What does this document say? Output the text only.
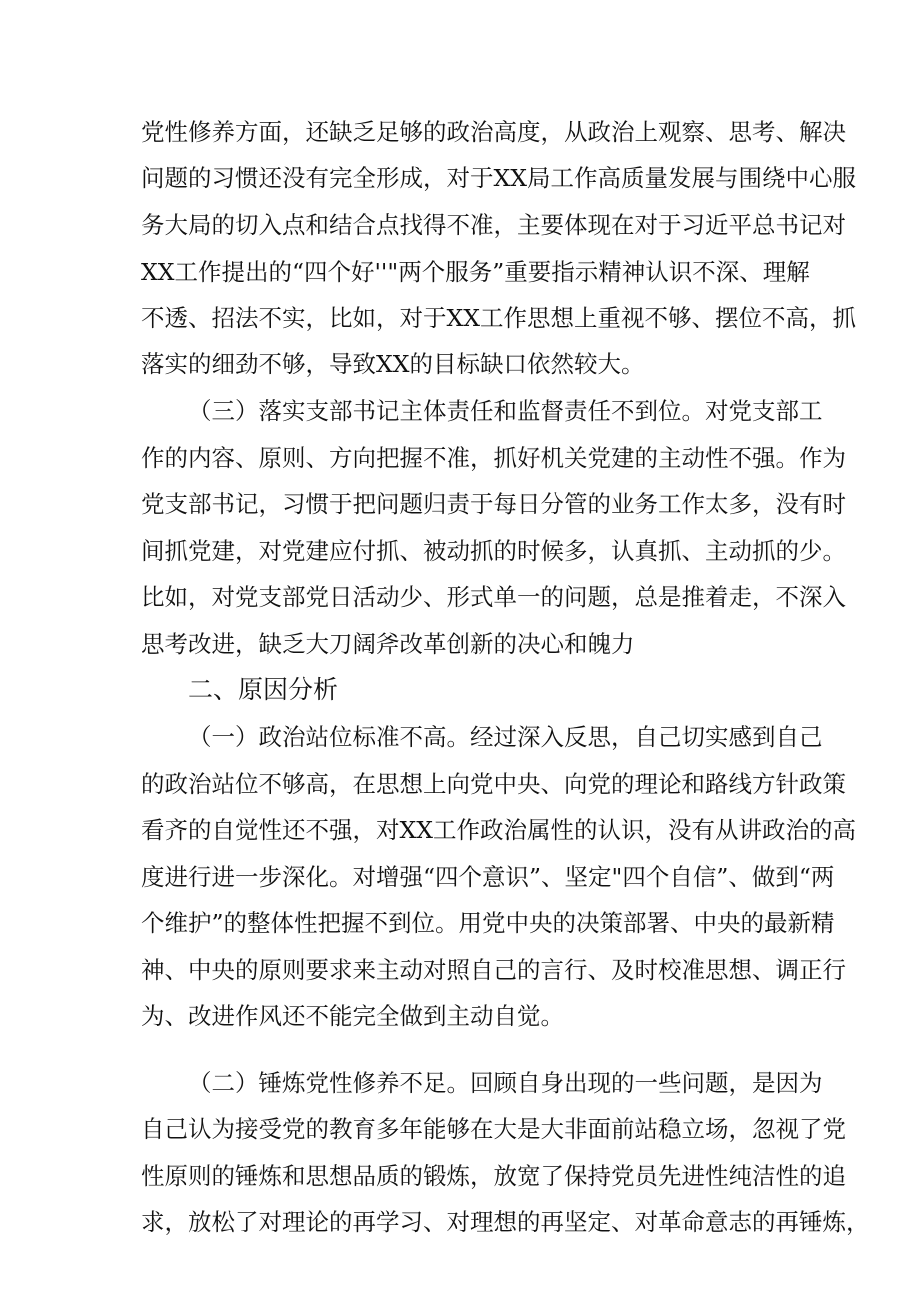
党性修养方面，还缺乏足够的政治高度，从政治上观察、思考、解决
问题的习惯还没有完全形成，对于XX局工作高质量发展与围绕中心服
务大局的切入点和结合点找得不准，主要体现在对于习近平总书记对
XX工作提出的“四个好''"两个服务”重要指示精神认识不深、理解
不透、招法不实，比如，对于XX工作思想上重视不够、摆位不高，抓
落实的细劲不够，导致XX的目标缺口依然较大。
（三）落实支部书记主体责任和监督责任不到位。对党支部工
作的内容、原则、方向把握不准，抓好机关党建的主动性不强。作为
党支部书记，习惯于把问题归责于每日分管的业务工作太多，没有时
间抓党建，对党建应付抓、被动抓的时候多，认真抓、主动抓的少。
比如，对党支部党日活动少、形式单一的问题，总是推着走，不深入
思考改进，缺乏大刀阔斧改革创新的决心和魄力
二、原因分析
（一）政治站位标准不高。经过深入反思，自己切实感到自己
的政治站位不够高，在思想上向党中央、向党的理论和路线方针政策
看齐的自觉性还不强，对XX工作政治属性的认识，没有从讲政治的高
度进行进一步深化。对增强“四个意识”、坚定"四个自信”、做到“两
个维护”的整体性把握不到位。用党中央的决策部署、中央的最新精
神、中央的原则要求来主动对照自己的言行、及时校准思想、调正行
为、改进作风还不能完全做到主动自觉。
（二）锤炼党性修养不足。回顾自身出现的一些问题，是因为
自己认为接受党的教育多年能够在大是大非面前站稳立场，忽视了党
性原则的锤炼和思想品质的锻炼，放宽了保持党员先进性纯洁性的追
求，放松了对理论的再学习、对理想的再坚定、对革命意志的再锤炼，
